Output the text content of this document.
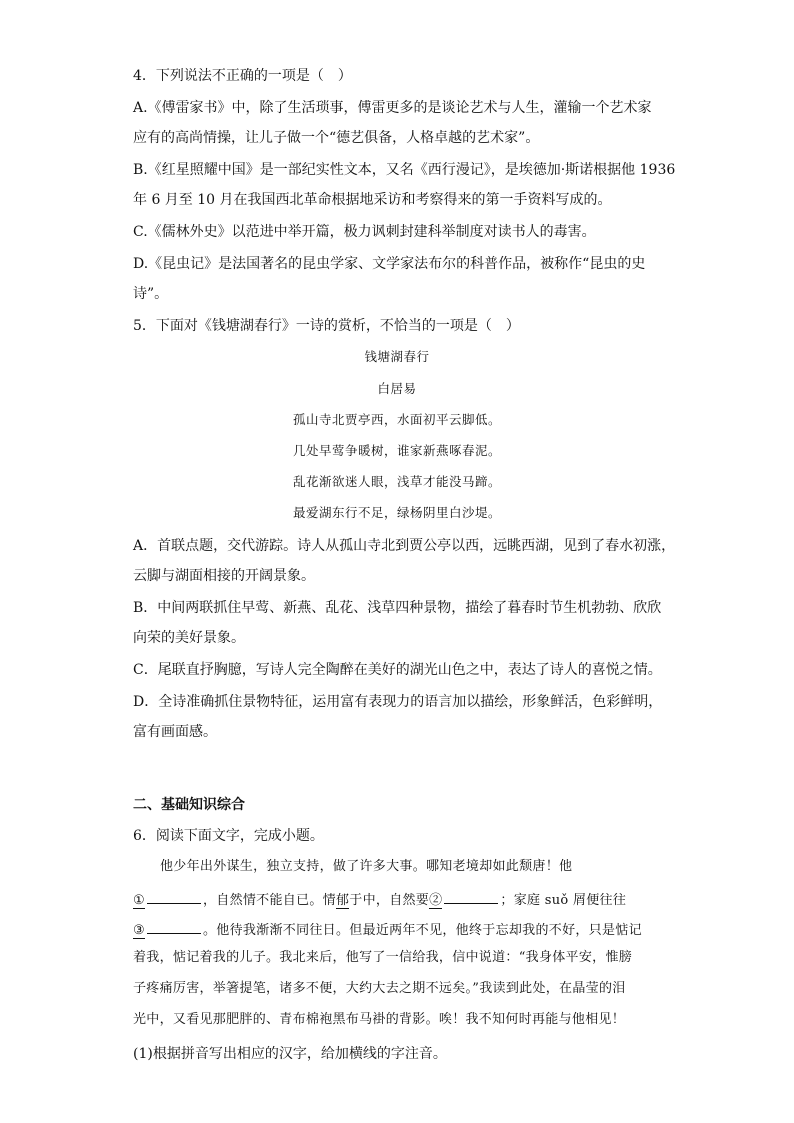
4．下列说法不正确的一项是（　）
A.《傅雷家书》中，除了生活琐事，傅雷更多的是谈论艺术与人生，灌输一个艺术家
应有的高尚情操，让儿子做一个“德艺俱备，人格卓越的艺术家”。
B.《红星照耀中国》是一部纪实性文本，又名《西行漫记》，是埃德加·斯诺根据他 1936
年 6 月至 10 月在我国西北革命根据地采访和考察得来的第一手资料写成的。
C.《儒林外史》以范进中举开篇，极力讽刺封建科举制度对读书人的毒害。
D.《昆虫记》是法国著名的昆虫学家、文学家法布尔的科普作品，被称作“昆虫的史
诗”。
5．下面对《钱塘湖春行》一诗的赏析，不恰当的一项是（　）
钱塘湖春行
白居易
孤山寺北贾亭西，水面初平云脚低。
几处早莺争暖树，谁家新燕啄春泥。
乱花渐欲迷人眼，浅草才能没马蹄。
最爱湖东行不足，绿杨阴里白沙堤。
A．首联点题，交代游踪。诗人从孤山寺北到贾公亭以西，远眺西湖，见到了春水初涨，
云脚与湖面相接的开阔景象。
B．中间两联抓住早莺、新燕、乱花、浅草四种景物，描绘了暮春时节生机勃勃、欣欣
向荣的美好景象。
C．尾联直抒胸臆，写诗人完全陶醉在美好的湖光山色之中，表达了诗人的喜悦之情。
D．全诗准确抓住景物特征，运用富有表现力的语言加以描绘，形象鲜活，色彩鲜明，
富有画面感。
二、基础知识综合
6．阅读下面文字，完成小题。
他少年出外谋生，独立支持，做了许多大事。哪知老境却如此颓唐！他
①	，自然情不能自已。情郁于中，自然要②	；家庭 suǒ 屑便往往
③	。他待我渐渐不同往日。但最近两年不见，他终于忘却我的不好，只是惦记
着我，惦记着我的儿子。我北来后，他写了一信给我，信中说道：“我身体平安，惟膀
子疼痛厉害，举箸提笔，诸多不便，大约大去之期不远矣。”我读到此处，在晶莹的泪
光中，又看见那肥胖的、青布棉袍黑布马褂的背影。唉！我不知何时再能与他相见！
(1)根据拼音写出相应的汉字，给加横线的字注音。
